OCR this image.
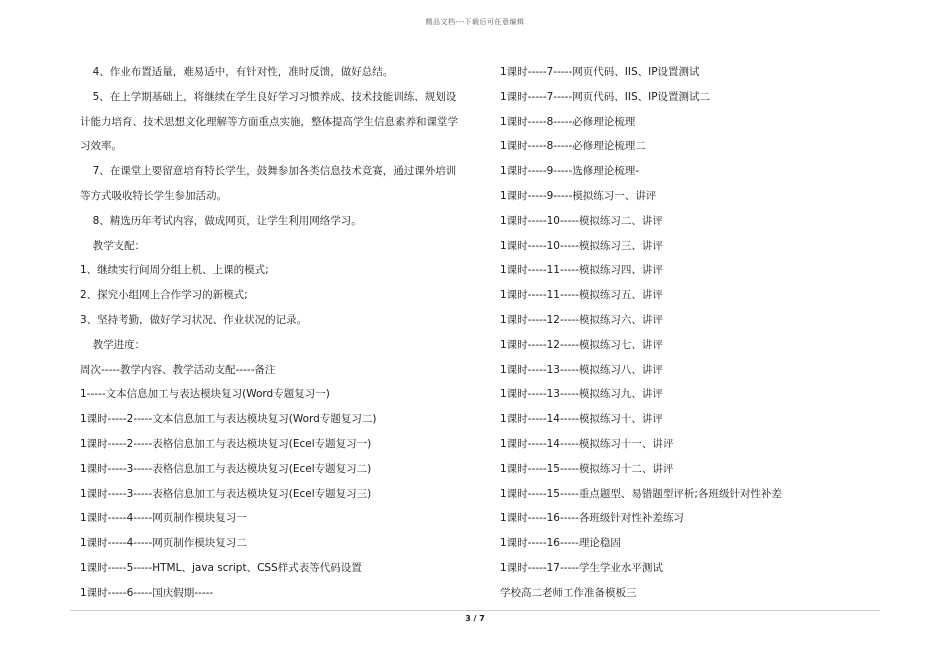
精品文档---下载后可任意编辑

4、作业布置适量，难易适中，有针对性，准时反馈，做好总结。

5、在上学期基础上，将继续在学生良好学习习惯养成、技术技能训练、规划设计能力培育、技术思想文化理解等方面重点实施，整体提高学生信息素养和课堂学习效率。

7、在课堂上要留意培育特长学生，鼓舞参加各类信息技术竞赛，通过课外培训等方式吸收特长学生参加活动。

8、精选历年考试内容，做成网页，让学生利用网络学习。

教学支配：

1、继续实行间周分组上机、上课的模式;

2、探究小组网上合作学习的新模式;

3、坚持考勤，做好学习状况、作业状况的记录。

教学进度：

周次-----教学内容、教学活动支配-----备注

1-----文本信息加工与表达模块复习(Word专题复习一)

1课时-----2-----文本信息加工与表达模块复习(Word专题复习二)

1课时-----2-----表格信息加工与表达模块复习(Ecel专题复习一)

1课时-----3-----表格信息加工与表达模块复习(Ecel专题复习二)

1课时-----3-----表格信息加工与表达模块复习(Ecel专题复习三)

1课时-----4-----网页制作模块复习一

1课时-----4-----网页制作模块复习二

1课时-----5-----HTML、java script、CSS样式表等代码设置

1课时-----6-----国庆假期-----

1课时-----7-----网页代码、IIS、IP设置测试

1课时-----7-----网页代码、IIS、IP设置测试二

1课时-----8-----必修理论梳理

1课时-----8-----必修理论梳理二

1课时-----9-----选修理论梳理-

1课时-----9-----模拟练习一、讲评

1课时-----10-----模拟练习二、讲评

1课时-----10-----模拟练习三、讲评

1课时-----11-----模拟练习四、讲评

1课时-----11-----模拟练习五、讲评

1课时-----12-----模拟练习六、讲评

1课时-----12-----模拟练习七、讲评

1课时-----13-----模拟练习八、讲评

1课时-----13-----模拟练习九、讲评

1课时-----14-----模拟练习十、讲评

1课时-----14-----模拟练习十一、讲评

1课时-----15-----模拟练习十二、讲评

1课时-----15-----重点题型、易错题型评析;各班级针对性补差

1课时-----16-----各班级针对性补差练习

1课时-----16-----理论稳固

1课时-----17-----学生学业水平测试

学校高二老师工作准备模板三

3 / 7
